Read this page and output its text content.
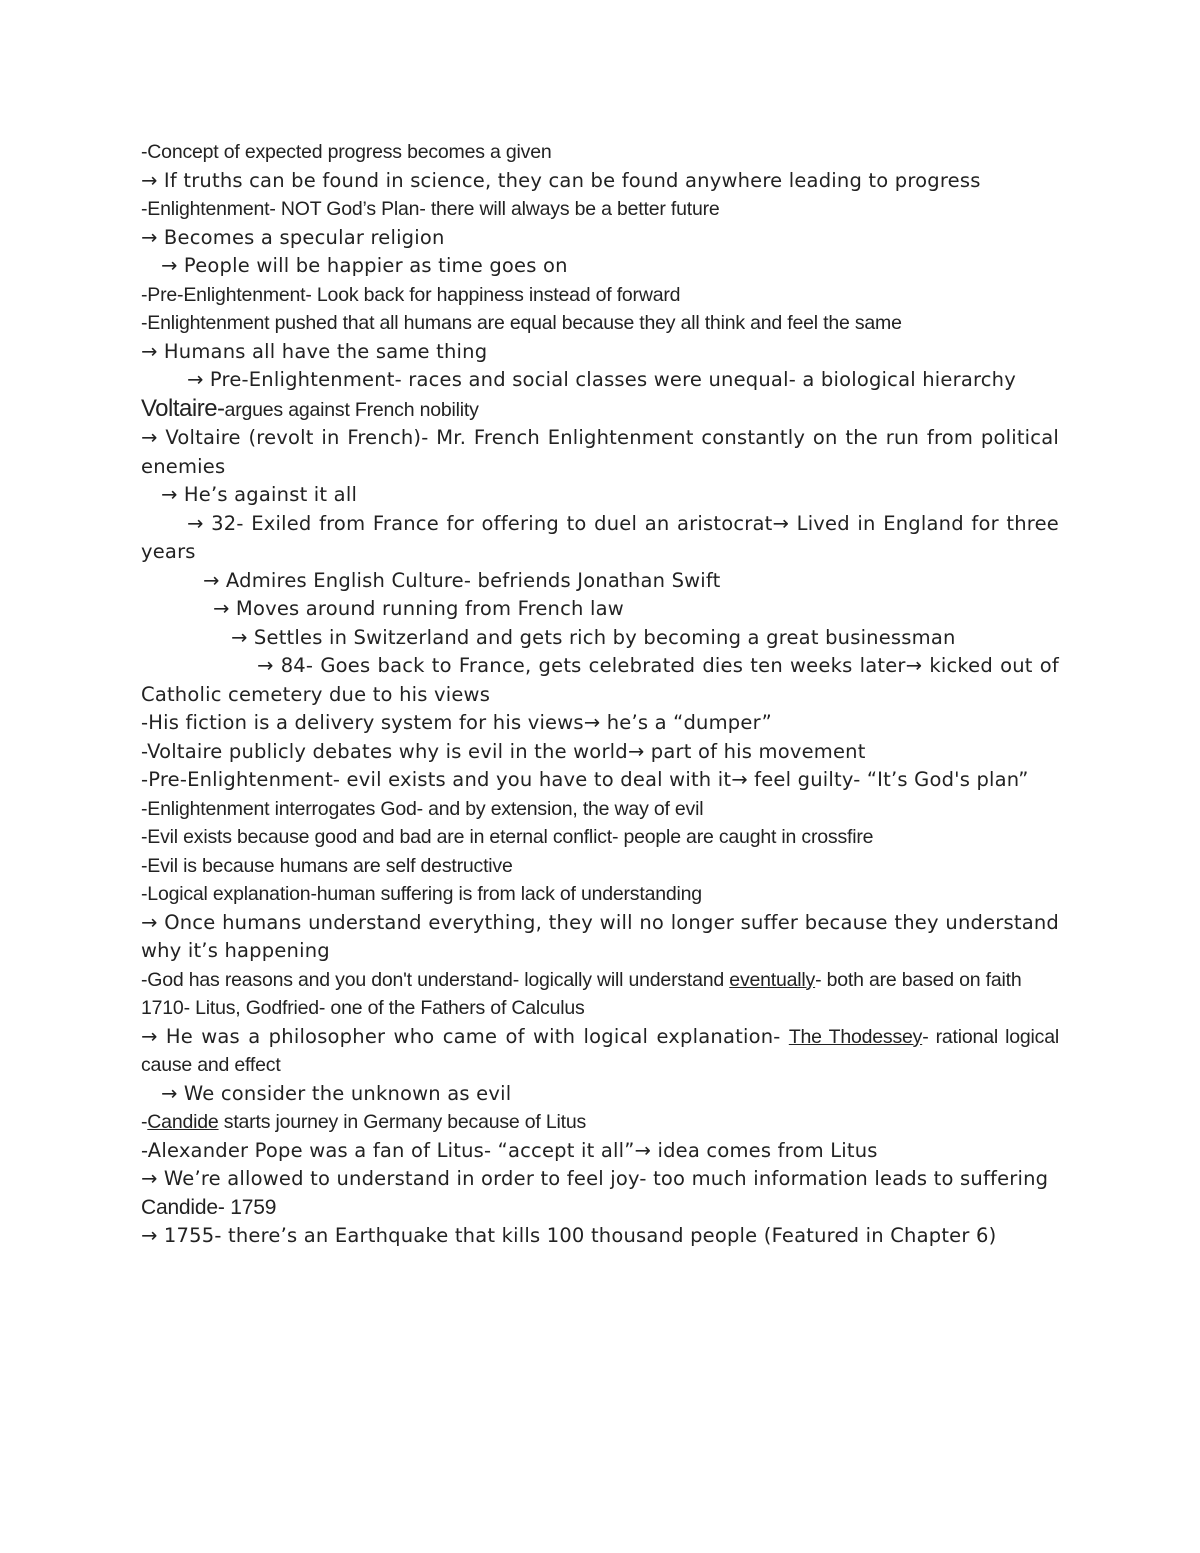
-Concept of expected progress becomes a given

→ If truths can be found in science, they can be found anywhere leading to progress

-Enlightenment- NOT God’s Plan- there will always be a better future

→ Becomes a specular religion

→ People will be happier as time goes on

-Pre-Enlightenment- Look back for happiness instead of forward

-Enlightenment pushed that all humans are equal because they all think and feel the same

→ Humans all have the same thing

→ Pre-Enlightenment- races and social classes were unequal- a biological hierarchy

Voltaire-argues against French nobility

→ Voltaire (revolt in French)- Mr. French Enlightenment constantly on the run from political enemies

→ He’s against it all

→ 32- Exiled from France for offering to duel an aristocrat→ Lived in England for three years

→ Admires English Culture- befriends Jonathan Swift

→ Moves around running from French law

→ Settles in Switzerland and gets rich by becoming a great businessman

→ 84- Goes back to France, gets celebrated dies ten weeks later→ kicked out of Catholic cemetery due to his views

-His fiction is a delivery system for his views→ he’s a “dumper”

-Voltaire publicly debates why is evil in the world→ part of his movement

-Pre-Enlightenment- evil exists and you have to deal with it→ feel guilty- “It’s God's plan”

-Enlightenment interrogates God- and by extension, the way of evil

-Evil exists because good and bad are in eternal conflict- people are caught in crossfire

-Evil is because humans are self destructive

-Logical explanation-human suffering is from lack of understanding

→ Once humans understand everything, they will no longer suffer because they understand why it’s happening

-God has reasons and you don't understand- logically will understand eventually- both are based on faith

1710- Litus, Godfried- one of the Fathers of Calculus

→ He was a philosopher who came of with logical explanation- The Thodessey- rational logical cause and effect

→ We consider the unknown as evil

-Candide starts journey in Germany because of Litus

-Alexander Pope was a fan of Litus- “accept it all”→ idea comes from Litus

→ We’re allowed to understand in order to feel joy- too much information leads to suffering

Candide- 1759

→ 1755- there’s an Earthquake that kills 100 thousand people (Featured in Chapter 6)
